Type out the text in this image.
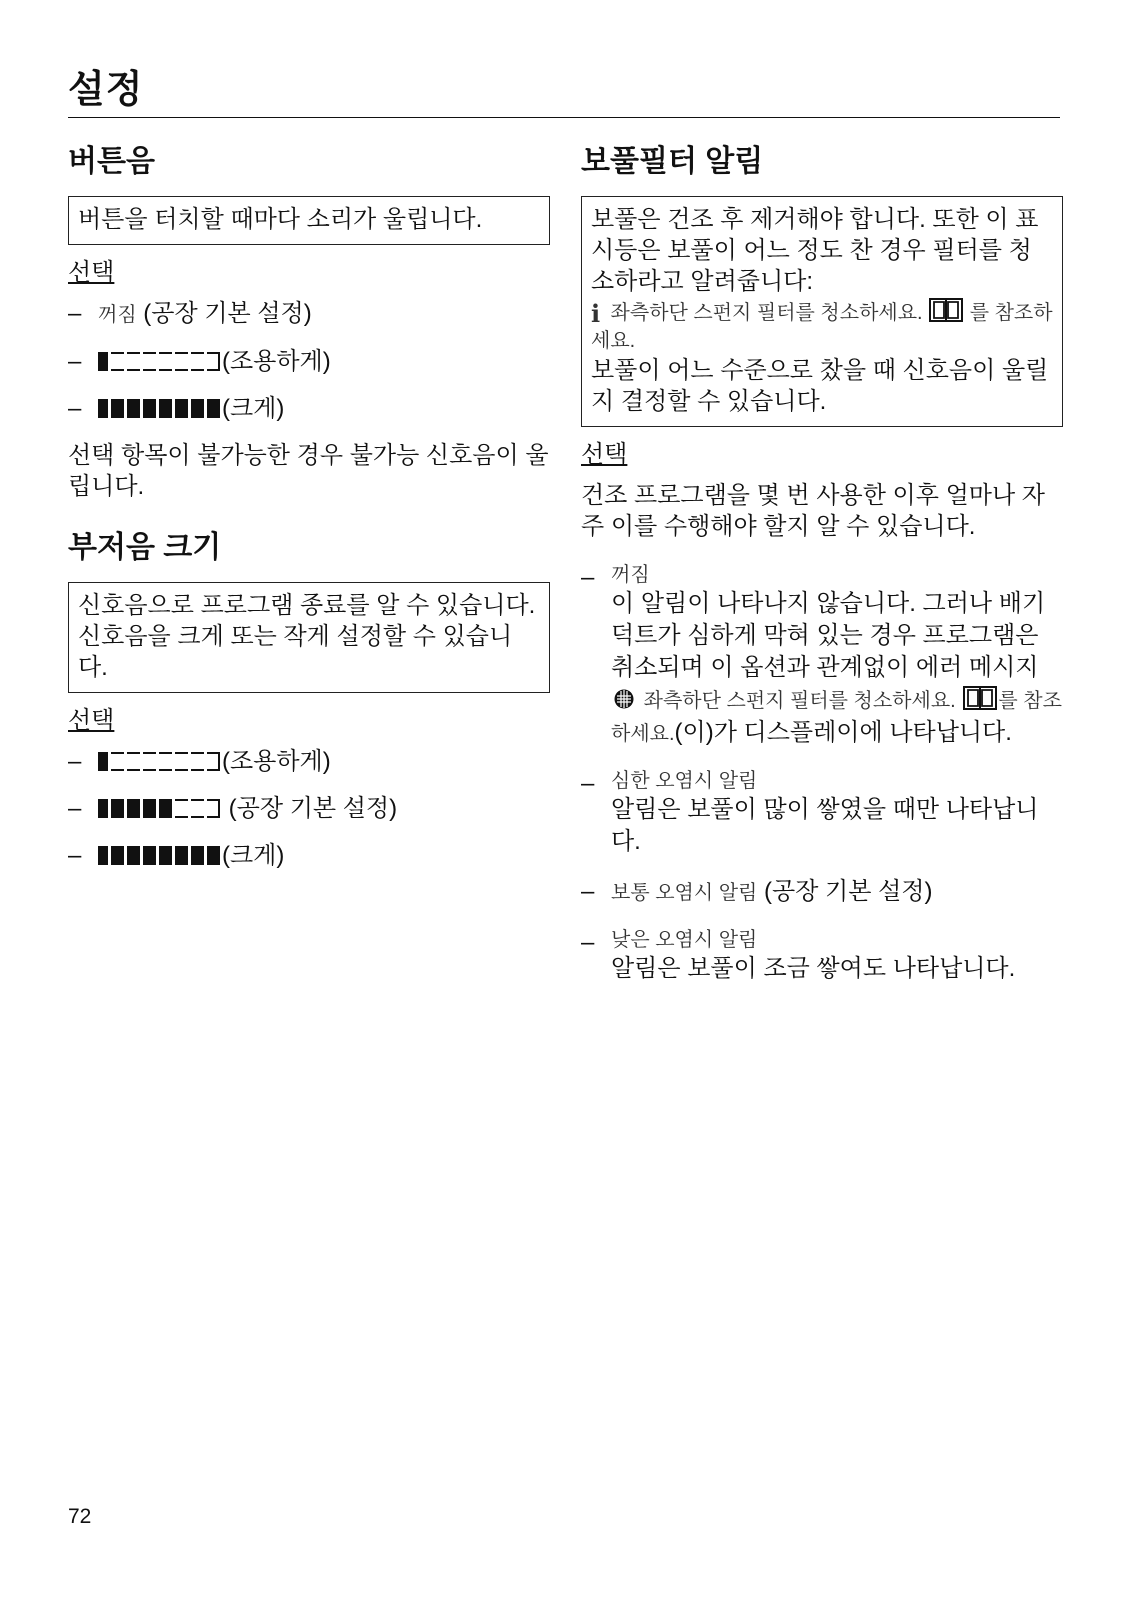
설정
버튼음
버튼을 터치할 때마다 소리가 울립니다.
선택
– 꺼짐 (공장 기본 설정)
–	(조용하게)
–	(크게)

선택 항목이 불가능한 경우 불가능 신호음이 울립니다.

부저음 크기
신호음으로 프로그램 종료를 알 수 있습니다. 신호음을 크게 또는 작게 설정할 수 있습니다.
선택
–	(조용하게)
–	(공장 기본 설정)
–	(크게)
보풀필터 알림
보풀은 건조 후 제거해야 합니다. 또한 이 표시등은 보풀이 어느 정도 찬 경우 필터를 청소하라고 알려줍니다:
i 좌측하단 스펀지 필터를 청소하세요. 를 참조하세요.
보풀이 어느 수준으로 찼을 때 신호음이 울릴지 결정할 수 있습니다.
선택

건조 프로그램을 몇 번 사용한 이후 얼마나 자주 이를 수행해야 할지 알 수 있습니다.

– 꺼짐
이 알림이 나타나지 않습니다. 그러나 배기 덕트가 심하게 막혀 있는 경우 프로그램은 취소되며 이 옵션과 관계없이 에러 메시지  좌측하단 스펀지 필터를 청소하세요. 를 참조하세요.(이)가 디스플레이에 나타납니다.
– 심한 오염시 알림
알림은 보풀이 많이 쌓였을 때만 나타납니다.
– 보통 오염시 알림 (공장 기본 설정)
– 낮은 오염시 알림
알림은 보풀이 조금 쌓여도 나타납니다.
72
